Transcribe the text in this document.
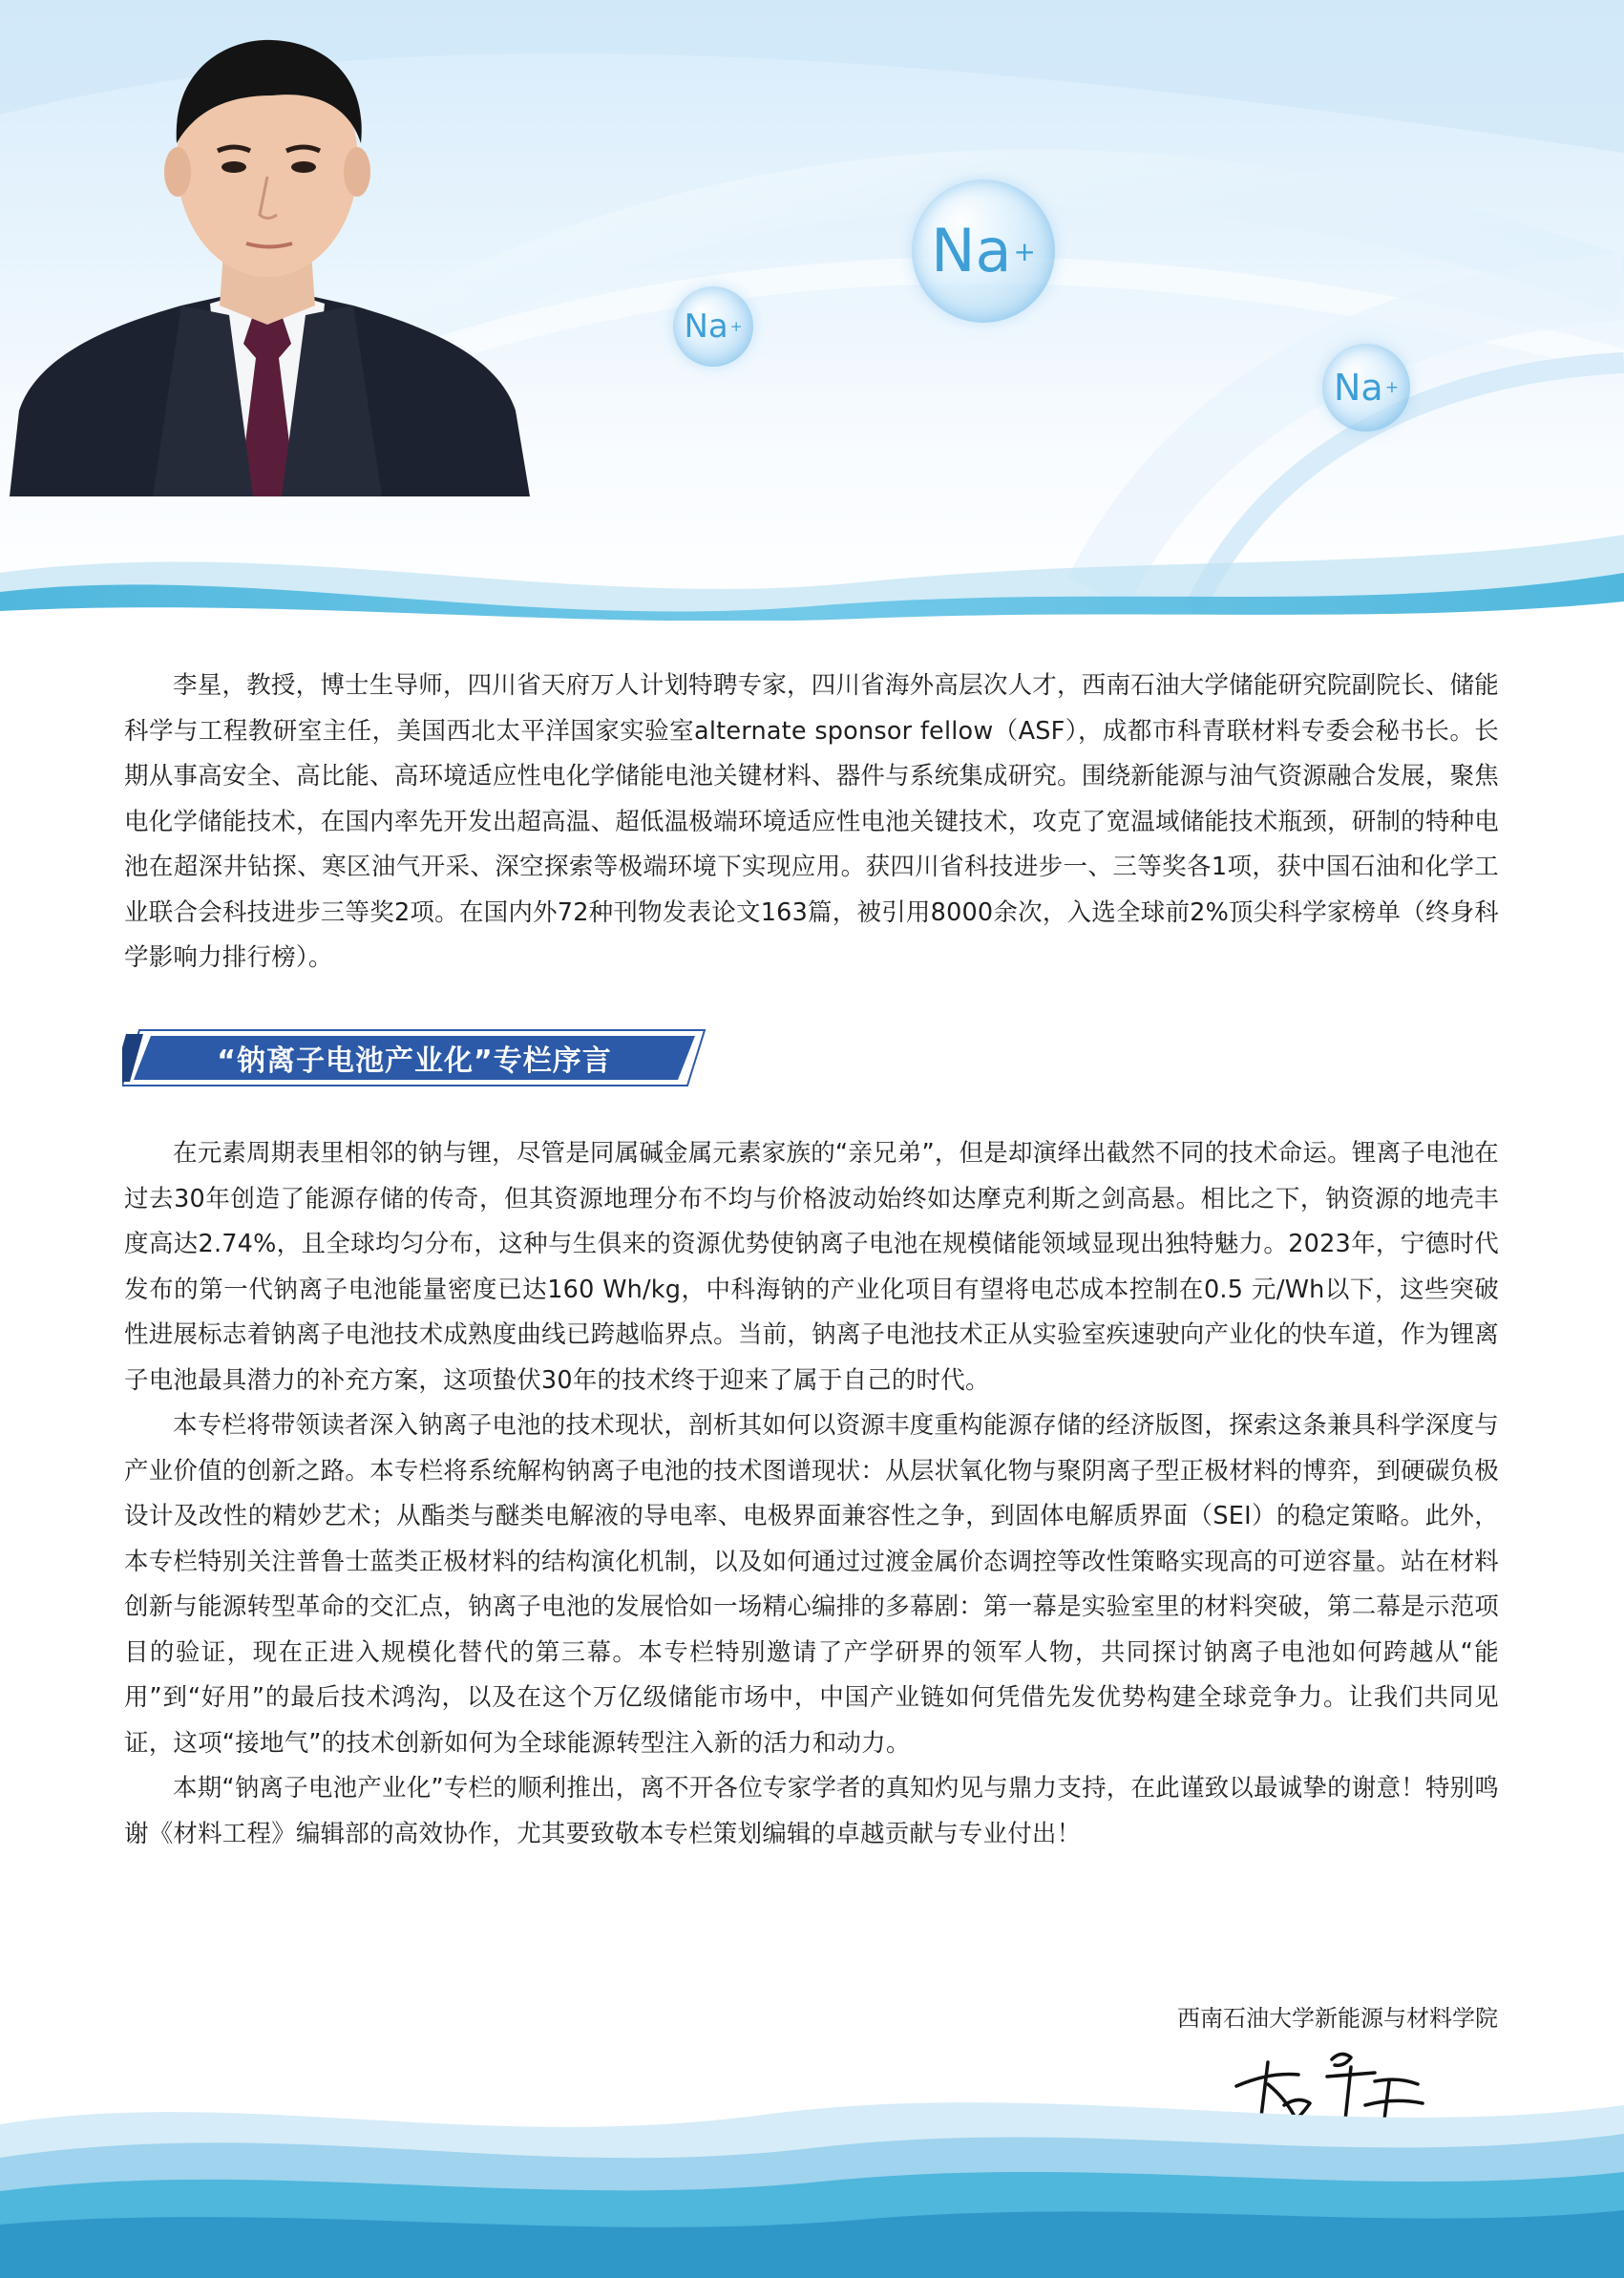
Na +
Na +
Na +

李星，教授，博士生导师，四川省天府万人计划特聘专家，四川省海外高层次人才，西南石油大学储能研究院副院长、储能科学与工程教研室主任，美国西北太平洋国家实验室alternate sponsor fellow（ASF），成都市科青联材料专委会秘书长。长期从事高安全、高比能、高环境适应性电化学储能电池关键材料、器件与系统集成研究。围绕新能源与油气资源融合发展，聚焦电化学储能技术，在国内率先开发出超高温、超低温极端环境适应性电池关键技术，攻克了宽温域储能技术瓶颈，研制的特种电池在超深井钻探、寒区油气开采、深空探索等极端环境下实现应用。获四川省科技进步一、三等奖各1项，获中国石油和化学工业联合会科技进步三等奖2项。在国内外72种刊物发表论文163篇，被引用8000余次，入选全球前2%顶尖科学家榜单（终身科学影响力排行榜）。

“钠离子电池产业化”专栏序言

在元素周期表里相邻的钠与锂，尽管是同属碱金属元素家族的“亲兄弟”，但是却演绎出截然不同的技术命运。锂离子电池在过去30年创造了能源存储的传奇，但其资源地理分布不均与价格波动始终如达摩克利斯之剑高悬。相比之下，钠资源的地壳丰度高达2.74%，且全球均匀分布，这种与生俱来的资源优势使钠离子电池在规模储能领域显现出独特魅力。2023年，宁德时代发布的第一代钠离子电池能量密度已达160 Wh/kg，中科海钠的产业化项目有望将电芯成本控制在0.5 元/Wh以下，这些突破性进展标志着钠离子电池技术成熟度曲线已跨越临界点。当前，钠离子电池技术正从实验室疾速驶向产业化的快车道，作为锂离子电池最具潜力的补充方案，这项蛰伏30年的技术终于迎来了属于自己的时代。

本专栏将带领读者深入钠离子电池的技术现状，剖析其如何以资源丰度重构能源存储的经济版图，探索这条兼具科学深度与产业价值的创新之路。本专栏将系统解构钠离子电池的技术图谱现状：从层状氧化物与聚阴离子型正极材料的博弈，到硬碳负极设计及改性的精妙艺术；从酯类与醚类电解液的导电率、电极界面兼容性之争，到固体电解质界面（SEI）的稳定策略。此外，本专栏特别关注普鲁士蓝类正极材料的结构演化机制，以及如何通过过渡金属价态调控等改性策略实现高的可逆容量。站在材料创新与能源转型革命的交汇点，钠离子电池的发展恰如一场精心编排的多幕剧：第一幕是实验室里的材料突破，第二幕是示范项目的验证，现在正进入规模化替代的第三幕。本专栏特别邀请了产学研界的领军人物，共同探讨钠离子电池如何跨越从“能用”到“好用”的最后技术鸿沟，以及在这个万亿级储能市场中，中国产业链如何凭借先发优势构建全球竞争力。让我们共同见证，这项“接地气”的技术创新如何为全球能源转型注入新的活力和动力。

本期“钠离子电池产业化”专栏的顺利推出，离不开各位专家学者的真知灼见与鼎力支持，在此谨致以最诚挚的谢意！特别鸣谢《材料工程》编辑部的高效协作，尤其要致敬本专栏策划编辑的卓越贡献与专业付出！

西南石油大学新能源与材料学院
